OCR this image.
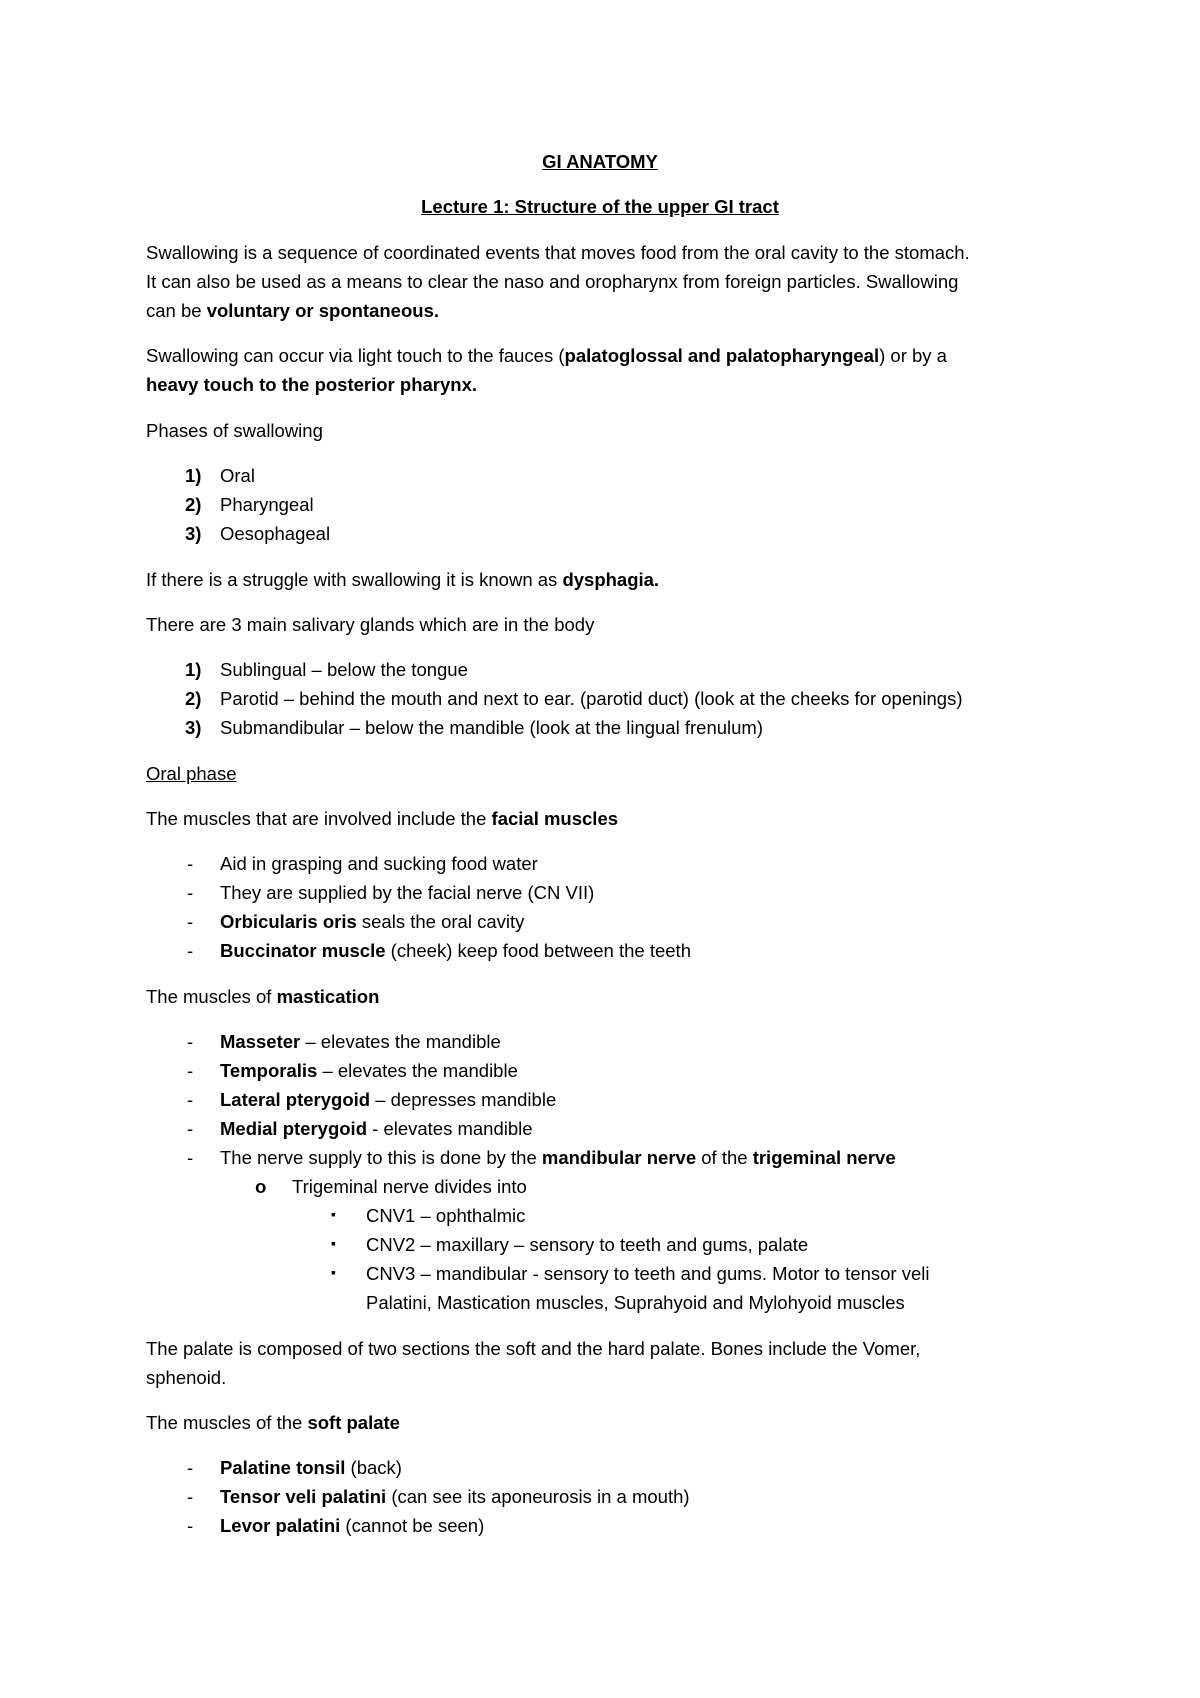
GI ANATOMY
Lecture 1: Structure of the upper GI tract
Swallowing is a sequence of coordinated events that moves food from the oral cavity to the stomach.
It can also be used as a means to clear the naso and oropharynx from foreign particles. Swallowing
can be voluntary or spontaneous.
Swallowing can occur via light touch to the fauces (palatoglossal and palatopharyngeal) or by a
heavy touch to the posterior pharynx.
Phases of swallowing
1) Oral
2) Pharyngeal
3) Oesophageal
If there is a struggle with swallowing it is known as dysphagia.
There are 3 main salivary glands which are in the body
1) Sublingual – below the tongue
2) Parotid – behind the mouth and next to ear. (parotid duct) (look at the cheeks for openings)
3) Submandibular – below the mandible (look at the lingual frenulum)
Oral phase
The muscles that are involved include the facial muscles
- Aid in grasping and sucking food water
- They are supplied by the facial nerve (CN VII)
- Orbicularis oris seals the oral cavity
- Buccinator muscle (cheek) keep food between the teeth
The muscles of mastication
- Masseter – elevates the mandible
- Temporalis – elevates the mandible
- Lateral pterygoid – depresses mandible
- Medial pterygoid - elevates mandible
- The nerve supply to this is done by the mandibular nerve of the trigeminal nerve
o Trigeminal nerve divides into
▪ CNV1 – ophthalmic
▪ CNV2 – maxillary – sensory to teeth and gums, palate
▪ CNV3 – mandibular - sensory to teeth and gums. Motor to tensor veli
Palatini, Mastication muscles, Suprahyoid and Mylohyoid muscles
The palate is composed of two sections the soft and the hard palate. Bones include the Vomer,
sphenoid.
The muscles of the soft palate
- Palatine tonsil (back)
- Tensor veli palatini (can see its aponeurosis in a mouth)
- Levor palatini (cannot be seen)
